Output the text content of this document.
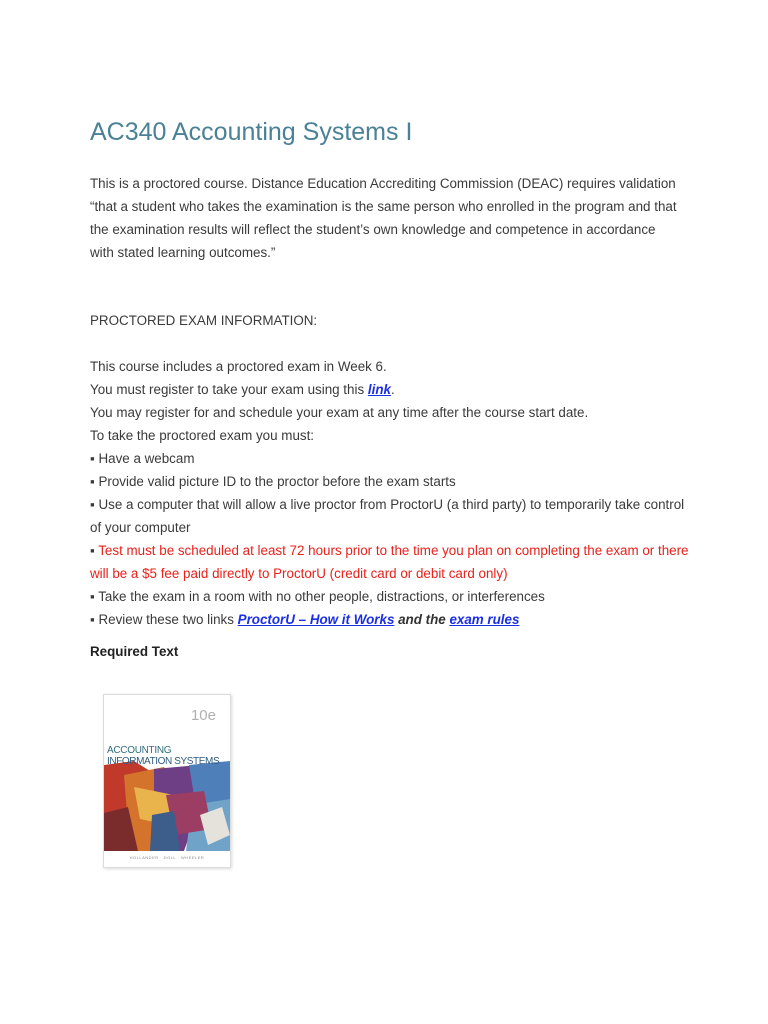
AC340 Accounting Systems I

This is a proctored course. Distance Education Accrediting Commission (DEAC) requires validation “that a student who takes the examination is the same person who enrolled in the program and that the examination results will reflect the student’s own knowledge and competence in accordance with stated learning outcomes.”

PROCTORED EXAM INFORMATION:

This course includes a proctored exam in Week 6.
You must register to take your exam using this link.
You may register for and schedule your exam at any time after the course start date.
To take the proctored exam you must:
▪ Have a webcam
▪ Provide valid picture ID to the proctor before the exam starts
▪ Use a computer that will allow a live proctor from ProctorU (a third party) to temporarily take control of your computer
▪ Test must be scheduled at least 72 hours prior to the time you plan on completing the exam or there will be a $5 fee paid directly to ProctorU (credit card or debit card only)
▪ Take the exam in a room with no other people, distractions, or interferences
▪ Review these two links ProctorU – How it Works and the exam rules

Required Text

10e
ACCOUNTING
INFORMATION SYSTEMS
HOLLANDER · DOLL · WHEELER
